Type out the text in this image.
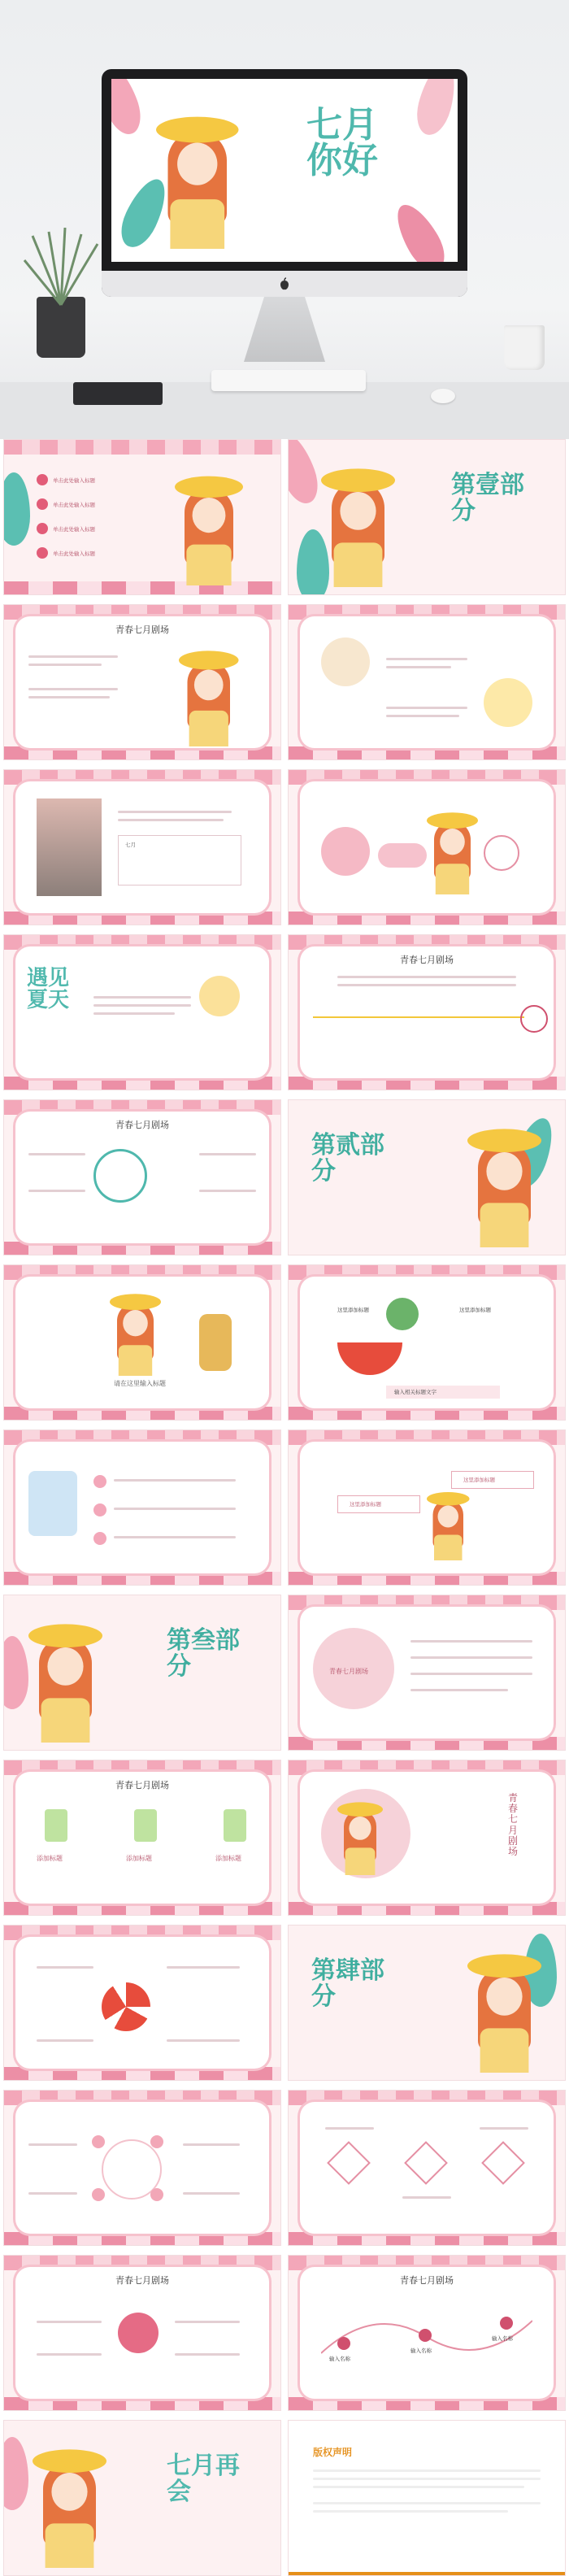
七月
你好
单击此处输入标题
单击此处输入标题
单击此处输入标题
单击此处输入标题
第壹部分
青春七月剧场
七月
遇见夏天
青春七月剧场
青春七月剧场
第贰部分
请在这里输入标题
这里添加标题	这里添加标题
输入相关标题文字
这里添加标题
这里添加标题
第叁部分	青春七月剧场
青春七月剧场
添加标题	添加标题	添加标题
青春七月剧场
第肆部分
青春七月剧场	青春七月剧场
输入名称
输入名称
输入名称
七月再会
版权声明
